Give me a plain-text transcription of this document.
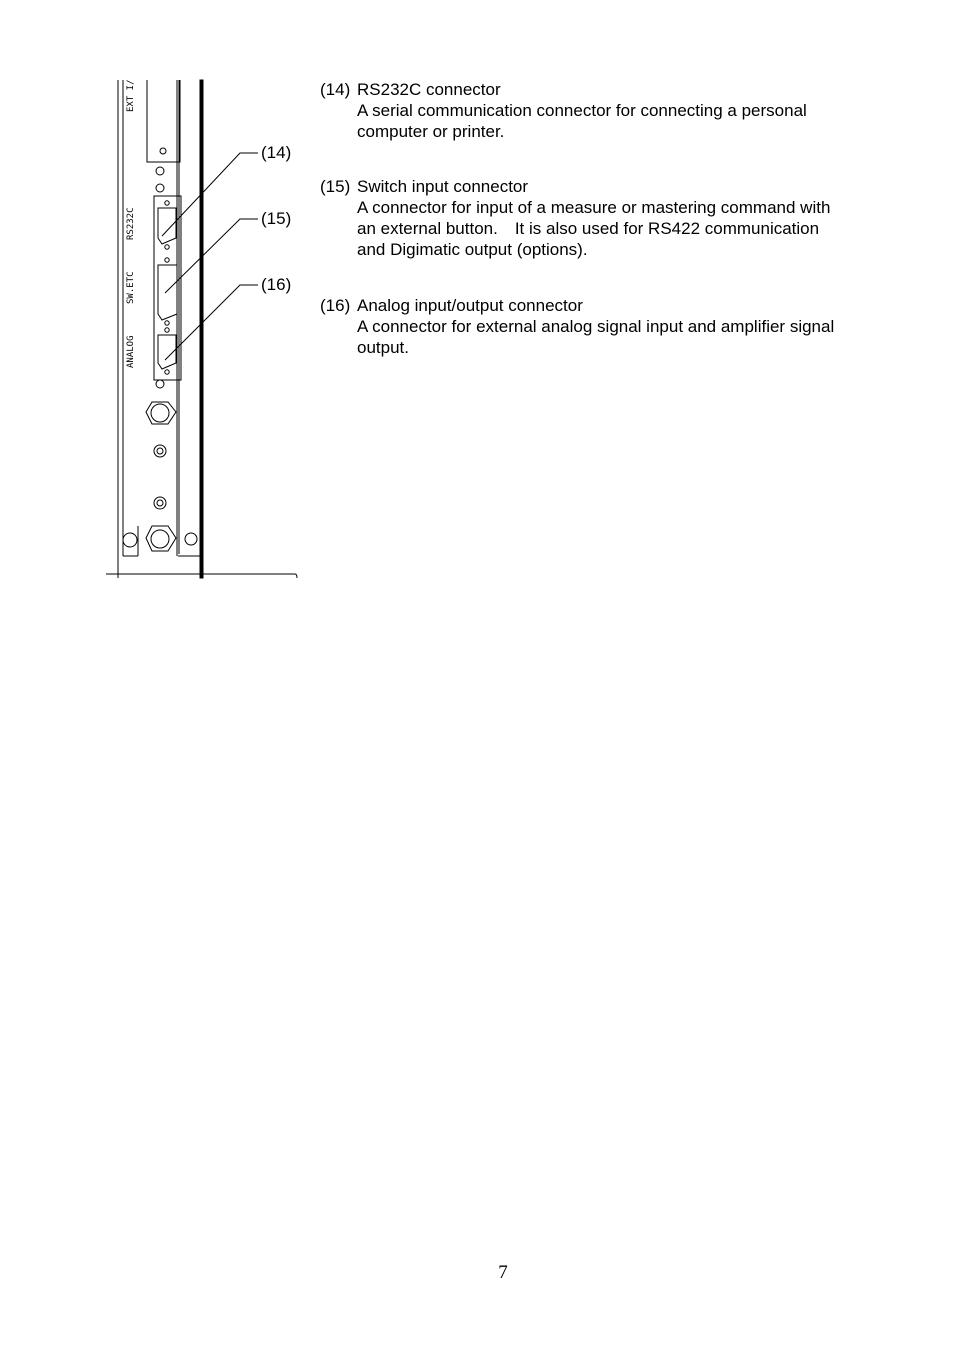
EXT I/
RS232C
SW.ETC
ANALOG
(14)
(15)
(16)
(14) RS232C connector
A serial communication connector for connecting a personal
computer or printer.
(15) Switch input connector
A connector for input of a measure or mastering command with
an external button.　It is also used for RS422 communication
and Digimatic output (options).
(16) Analog input/output connector
A connector for external analog signal input and amplifier signal
output.
7
